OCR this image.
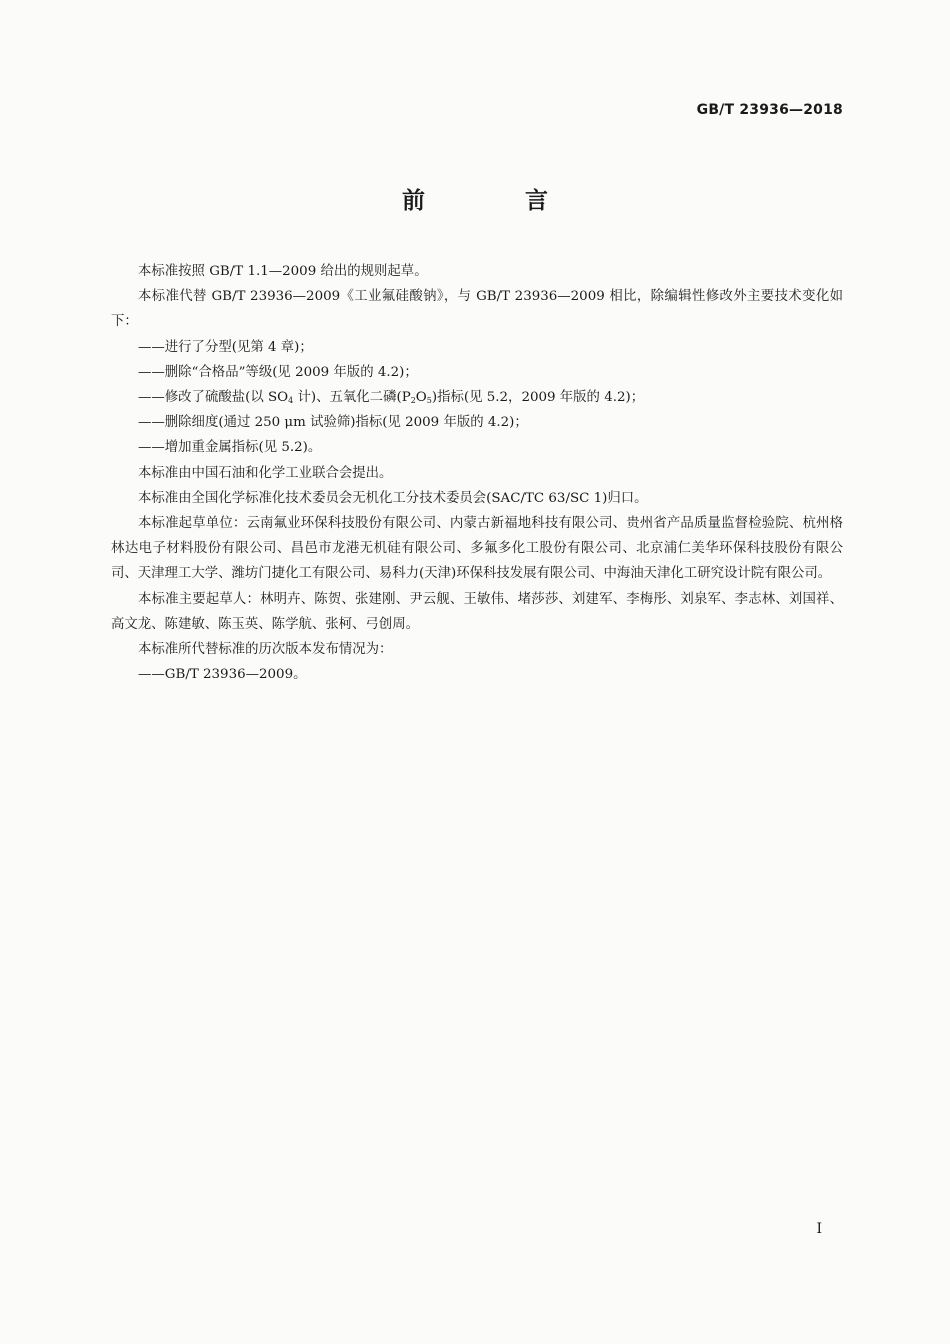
GB/T 23936—2018
前 言

本标准按照 GB/T 1.1—2009 给出的规则起草。

本标准代替 GB/T 23936—2009《工业氟硅酸钠》，与 GB/T 23936—2009 相比，除编辑性修改外主要技术变化如下：

——进行了分型(见第 4 章)；

——删除“合格品”等级(见 2009 年版的 4.2)；

——修改了硫酸盐(以 $SO_4$ 计)、五氧化二磷$(P_2O_5)$指标(见 5.2，2009 年版的 4.2)；

——删除细度(通过 250 μm 试验筛)指标(见 2009 年版的 4.2)；

——增加重金属指标(见 5.2)。

本标准由中国石油和化学工业联合会提出。

本标准由全国化学标准化技术委员会无机化工分技术委员会(SAC/TC 63/SC 1)归口。

本标准起草单位：云南氟业环保科技股份有限公司、内蒙古新福地科技有限公司、贵州省产品质量监督检验院、杭州格林达电子材料股份有限公司、昌邑市龙港无机硅有限公司、多氟多化工股份有限公司、北京浦仁美华环保科技股份有限公司、天津理工大学、潍坊门捷化工有限公司、易科力(天津)环保科技发展有限公司、中海油天津化工研究设计院有限公司。

本标准主要起草人：林明卉、陈贺、张建刚、尹云舰、王敏伟、堵莎莎、刘建军、李梅彤、刘泉军、李志林、刘国祥、高文龙、陈建敏、陈玉英、陈学航、张柯、弓创周。

本标准所代替标准的历次版本发布情况为：

——GB/T 23936—2009。

I
